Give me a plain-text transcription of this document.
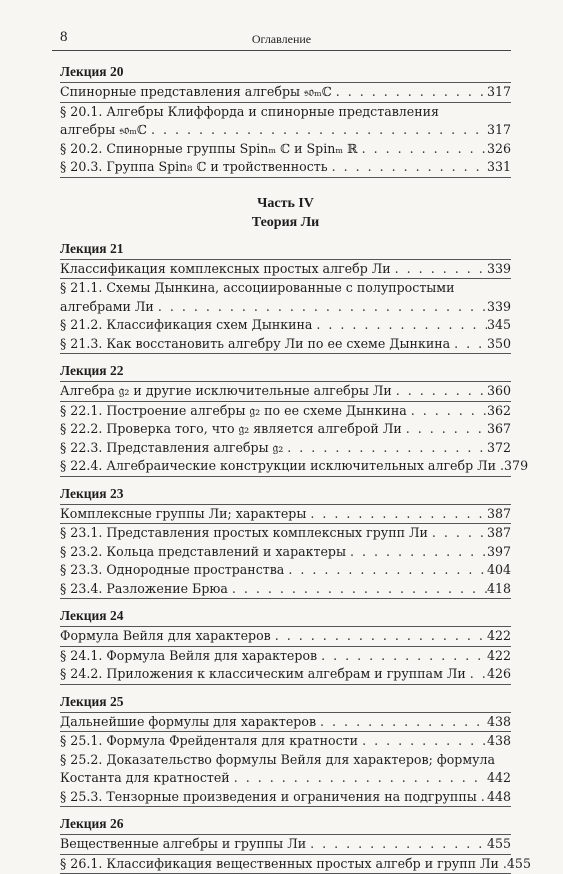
8	Оглавление
Лекция 20
Спинорные представления алгебры 𝔰𝔬ₘℂ . . .	317
§ 20.1. Алгебры Клиффорда и спинорные представления
алгебры 𝔰𝔬ₘℂ . . .	317
§ 20.2. Спинорные группы Spinₘ ℂ и Spinₘ ℝ . . .	326
§ 20.3. Группа Spin₈ ℂ и тройственность . . .	331
Часть IV
Теория Ли
Лекция 21
Классификация комплексных простых алгебр Ли . . .	339
§ 21.1. Схемы Дынкина, ассоциированные с полупростыми
алгебрами Ли . . .	339
§ 21.2. Классификация схем Дынкина . . .	345
§ 21.3. Как восстановить алгебру Ли по ее схеме Дынкина . . .	350
Лекция 22
Алгебра 𝔤₂ и другие исключительные алгебры Ли . . .	360
§ 22.1. Построение алгебры 𝔤₂ по ее схеме Дынкина . . .	362
§ 22.2. Проверка того, что 𝔤₂ является алгеброй Ли . . .	367
§ 22.3. Представления алгебры 𝔤₂ . . .	372
§ 22.4. Алгебраические конструкции исключительных алгебр Ли . . . 379
Лекция 23
Комплексные группы Ли; характеры . . .	387
§ 23.1. Представления простых комплексных групп Ли . . .	387
§ 23.2. Кольца представлений и характеры . . .	397
§ 23.3. Однородные пространства . . .	404
§ 23.4. Разложение Брюа . . .	418
Лекция 24
Формула Вейля для характеров . . .	422
§ 24.1. Формула Вейля для характеров . . .	422
§ 24.2. Приложения к классическим алгебрам и группам Ли . . . 426
Лекция 25
Дальнейшие формулы для характеров . . .	438
§ 25.1. Формула Фрейденталя для кратности . . .	438
§ 25.2. Доказательство формулы Вейля для характеров; формула
Костанта для кратностей . . .	442
§ 25.3. Тензорные произведения и ограничения на подгруппы . . . 448
Лекция 26
Вещественные алгебры и группы Ли . . .	455
§ 26.1. Классификация вещественных простых алгебр и групп Ли . . . 455
